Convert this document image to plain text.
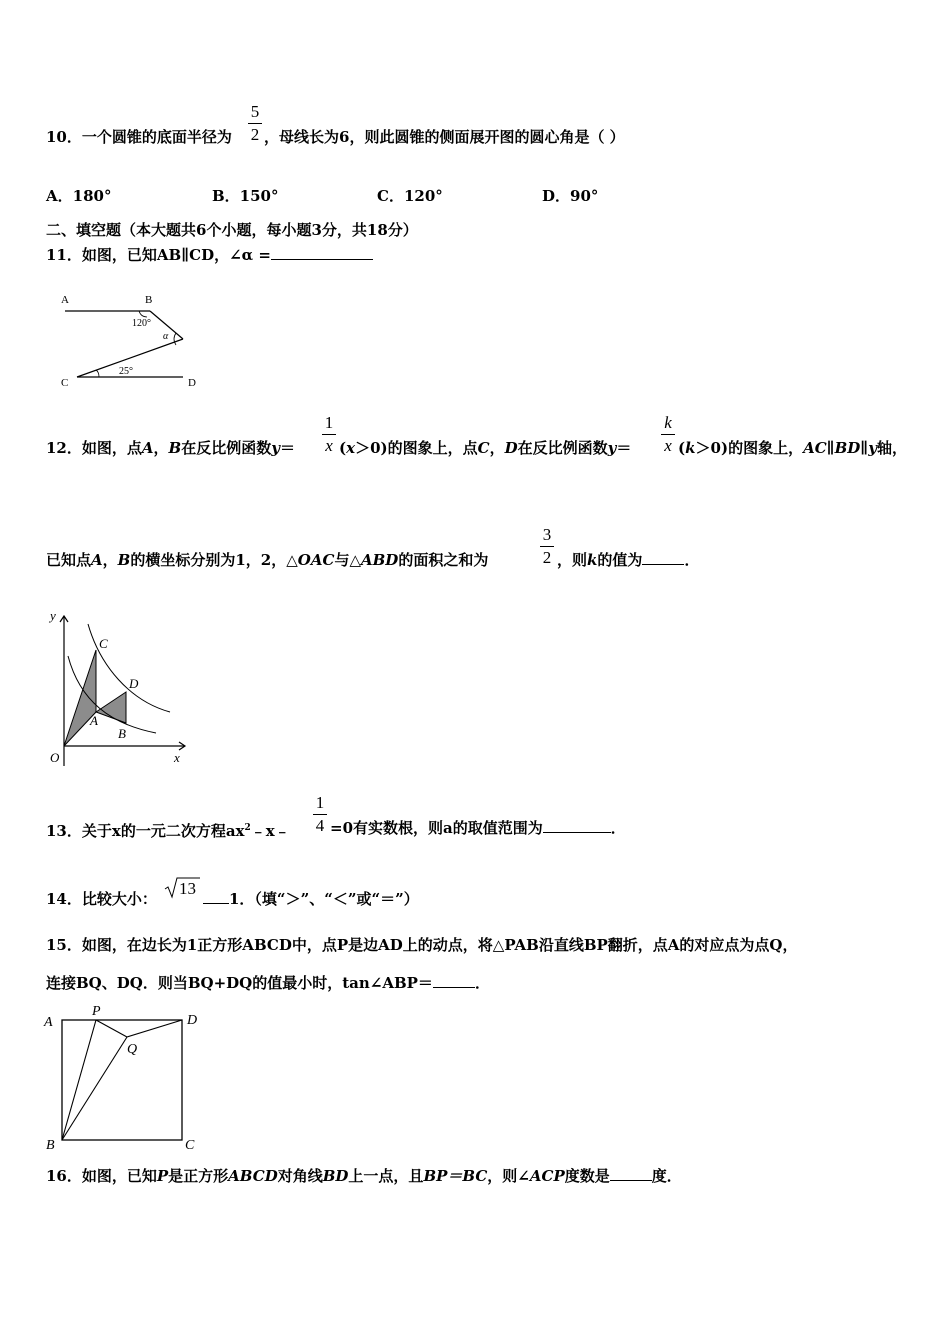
10．一个圆锥的底面半径为
5
2 ，母线长为6，则此圆锥的侧面展开图的圆心角是（ ）
A．180°	B．150°	C．120°	D．90°
二、填空题（本大题共6个小题，每小题3分，共18分）
11．如图，已知AB∥CD，∠α =
A	B
C	D
120°
25°
α
12．如图，点A，B在反比例函数y＝
1
x (x＞0)的图象上，点C，D在反比例函数y＝
k
x (k＞0)的图象上，AC∥BD∥y轴，
已知点A，B的横坐标分别为1，2，△OAC与△ABD的面积之和为
3
2 ，则k的值为	．
y
x
O
A
B
C
D
13．关于x的一元二次方程$ax^2﹣x﹣$
1
4 =0有实数根，则a的取值范围为	．
14．比较大小：
13
1．（填“＞”、“＜”或“＝”）
15．如图，在边长为1正方形ABCD中，点P是边AD上的动点，将△PAB沿直线BP翻折，点A的对应点为点Q，
连接BQ、DQ．则当BQ+DQ的值最小时，tan∠ABP＝	．
A
P
D
Q
B	C
16．如图，已知P是正方形ABCD对角线BD上一点，且BP＝BC，则∠ACP度数是	度．
